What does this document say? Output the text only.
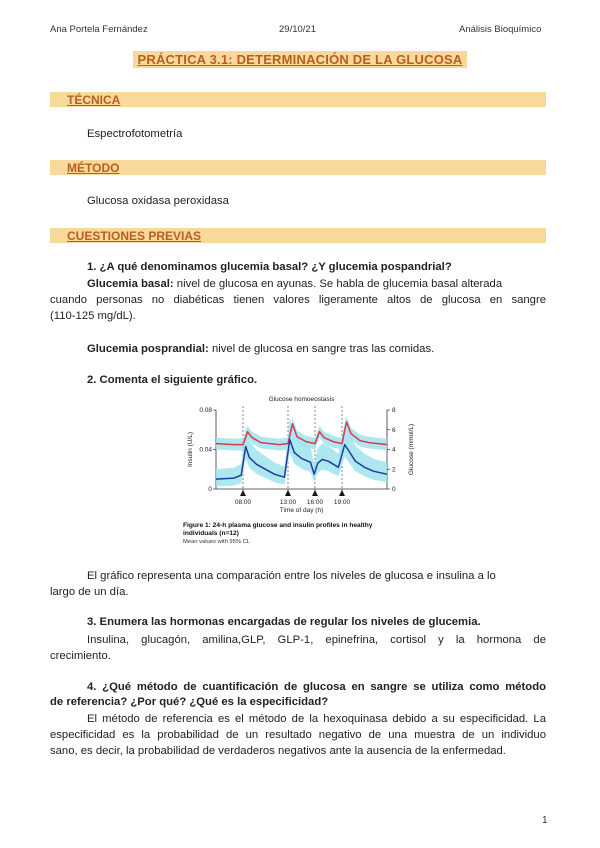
Ana Portela Fernández	29/10/21	Análisis Bioquímico
PRÁCTICA 3.1: DETERMINACIÓN DE LA GLUCOSA
TÉCNICA
Espectrofotometría
MÉTODO
Glucosa oxidasa peroxidasa
CUESTIONES PREVIAS
1. ¿A qué denominamos glucemia basal? ¿Y glucemia pospandrial?
Glucemia basal: nivel de glucosa en ayunas. Se habla de glucemia basal alterada
cuando personas no diabéticas tienen valores ligeramente altos de glucosa en sangre
(110-125 mg/dL).
Glucemia posprandial: nivel de glucosa en sangre tras las comidas.
2. Comenta el siguiente gráfico.
Glucose homoeostasis
0.08
0.04
0
8
6
4
2
0
Insulin (U/L)	Glucose (mmol/L)
08:00	13:00 16:00 19:00
Time of day (h)
Figure 1: 24-h plasma glucose and insulin profiles in healthy
individuals (n=12)
Mean values with 95% CL
El gráfico representa una comparación entre los niveles de glucosa e insulina a lo
largo de un día.
3. Enumera las hormonas encargadas de regular los niveles de glucemia.
Insulina, glucagón, amilina,GLP, GLP-1, epinefrina, cortisol y la hormona de
crecimiento.
4. ¿Qué método de cuantificación de glucosa en sangre se utiliza como método
de referencia? ¿Por qué? ¿Qué es la especificidad?
El método de referencia es el método de la hexoquinasa debido a su especificidad. La
especificidad es la probabilidad de un resultado negativo de una muestra de un individuo
sano, es decir, la probabilidad de verdaderos negativos ante la ausencia de la enfermedad.
1
